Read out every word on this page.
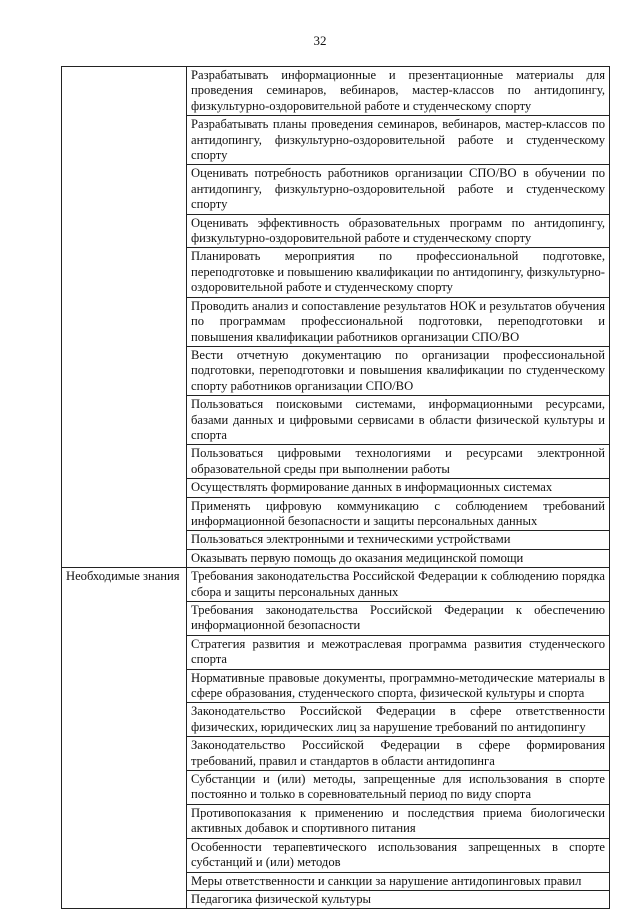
32
	Разрабатывать информационные и презентационные материалы для проведения семинаров, вебинаров, мастер-классов по антидопингу, физкультурно-оздоровительной работе и студенческому спорту
	Разрабатывать планы проведения семинаров, вебинаров, мастер-классов по антидопингу, физкультурно-оздоровительной работе и студенческому спорту
	Оценивать потребность работников организации СПО/ВО в обучении по антидопингу, физкультурно-оздоровительной работе и студенческому спорту
	Оценивать эффективность образовательных программ по антидопингу, физкультурно-оздоровительной работе и студенческому спорту
	Планировать мероприятия по профессиональной подготовке, переподготовке и повышению квалификации по антидопингу, физкультурно-оздоровительной работе и студенческому спорту
	Проводить анализ и сопоставление результатов НОК и результатов обучения по программам профессиональной подготовки, переподготовки и повышения квалификации работников организации СПО/ВО
	Вести отчетную документацию по организации профессиональной подготовки, переподготовки и повышения квалификации по студенческому спорту работников организации СПО/ВО
	Пользоваться поисковыми системами, информационными ресурсами, базами данных и цифровыми сервисами в области физической культуры и спорта
	Пользоваться цифровыми технологиями и ресурсами электронной образовательной среды при выполнении работы
	Осуществлять формирование данных в информационных системах
	Применять цифровую коммуникацию с соблюдением требований информационной безопасности и защиты персональных данных
	Пользоваться электронными и техническими устройствами
	Оказывать первую помощь до оказания медицинской помощи
Необходимые знания	Требования законодательства Российской Федерации к соблюдению порядка сбора и защиты персональных данных
	Требования законодательства Российской Федерации к обеспечению информационной безопасности
	Стратегия развития и межотраслевая программа развития студенческого спорта
	Нормативные правовые документы, программно-методические материалы в сфере образования, студенческого спорта, физической культуры и спорта
	Законодательство Российской Федерации в сфере ответственности физических, юридических лиц за нарушение требований по антидопингу
	Законодательство Российской Федерации в сфере формирования требований, правил и стандартов в области антидопинга
	Субстанции и (или) методы, запрещенные для использования в спорте постоянно и только в соревновательный период по виду спорта
	Противопоказания к применению и последствия приема биологически активных добавок и спортивного питания
	Особенности терапевтического использования запрещенных в спорте субстанций и (или) методов
	Меры ответственности и санкции за нарушение антидопинговых правил
	Педагогика физической культуры
